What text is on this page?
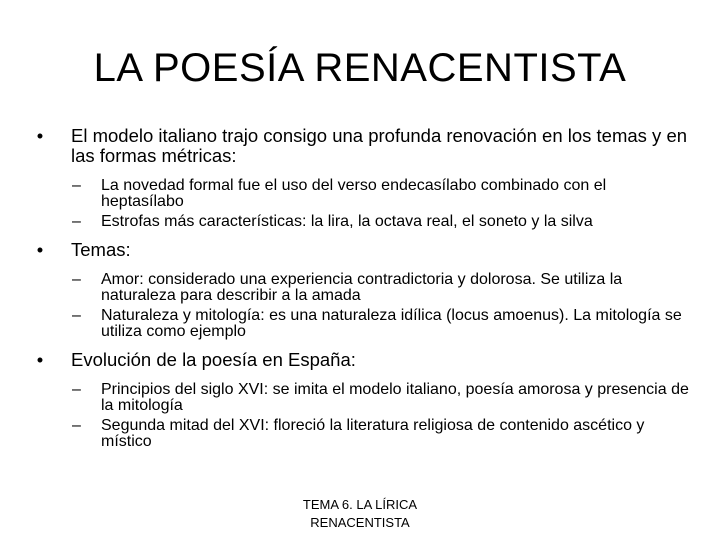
LA POESÍA RENACENTISTA
•	El modelo italiano trajo consigo una profunda renovación en los temas y en las formas métricas:
– La novedad formal fue el uso del verso endecasílabo combinado con el heptasílabo
– Estrofas más características: la lira, la octava real, el soneto y la silva
•	Temas:
– Amor: considerado una experiencia contradictoria y dolorosa. Se utiliza la naturaleza para describir a la amada
– Naturaleza y mitología: es una naturaleza idílica (locus amoenus). La mitología se utiliza como ejemplo
•	Evolución de la poesía en España:
– Principios del siglo XVI: se imita el modelo italiano, poesía amorosa y presencia de la mitología
– Segunda mitad del XVI: floreció la literatura religiosa de contenido ascético y místico
TEMA 6. LA LÍRICA
RENACENTISTA
